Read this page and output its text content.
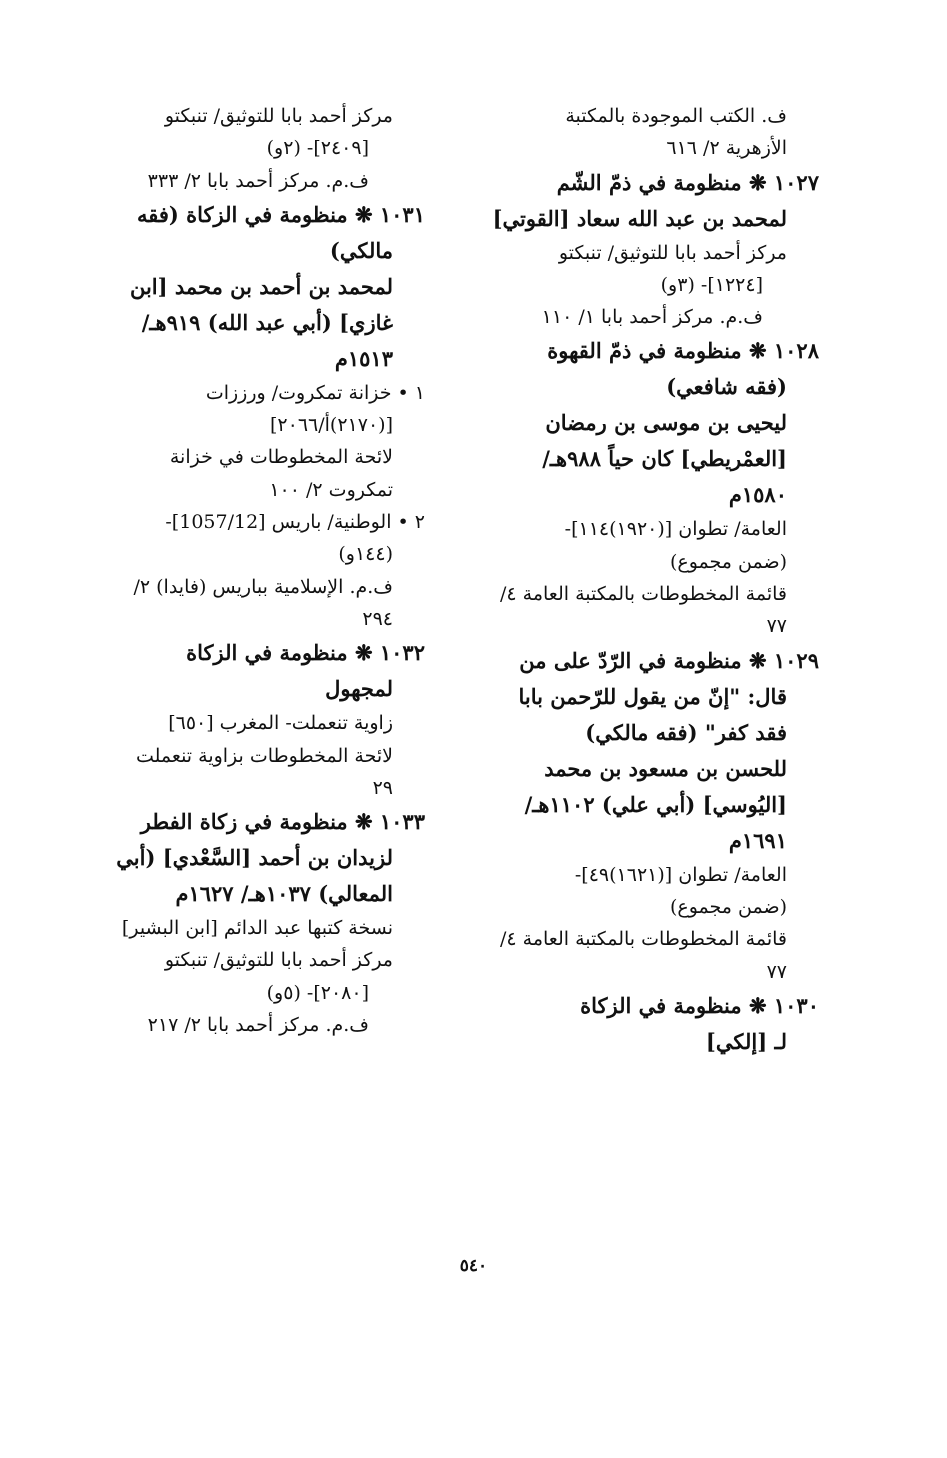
ف. الكتب الموجودة بالمكتبة
الأزهرية ٢/ ٦١٦
١٠٢٧ ❋ منظومة في ذمّ الشّم
لمحمد بن عبد الله سعاد [القوتي]
مركز أحمد بابا للتوثيق/ تنبكتو
[١٢٢٤]- (٣و)
ف.م. مركز أحمد بابا ١/ ١١٠
١٠٢٨ ❋ منظومة في ذمّ القهوة
(فقه شافعي)
ليحيى بن موسى بن رمضان
[العمْريطي] كان حياً ٩٨٨هـ/
١٥٨٠م
العامة/ تطوان [(١٩٢٠)١١٤]-
(ضمن مجموع)
قائمة المخطوطات بالمكتبة العامة ٤/
٧٧
١٠٢٩ ❋ منظومة في الرّدّ على من
قال: "إنّ من يقول للرّحمن بابا
فقد كفر" (فقه مالكي)
للحسن بن مسعود بن محمد
[اليُوسي] (أبي علي) ١١٠٢هـ/
١٦٩١م
العامة/ تطوان [(١٦٢١)٤٩]-
(ضمن مجموع)
قائمة المخطوطات بالمكتبة العامة ٤/
٧٧
١٠٣٠ ❋ منظومة في الزكاة
لـ [إلكي]
مركز أحمد بابا للتوثيق/ تنبكتو
[٢٤٠٩]- (٢و)
ف.م. مركز أحمد بابا ٢/ ٣٣٣
١٠٣١ ❋ منظومة في الزكاة (فقه
مالكي)
لمحمد بن أحمد بن محمد [ابن
غازي] (أبي عبد الله) ٩١٩هـ/
١٥١٣م
١ • خزانة تمكروت/ ورززات
[(٢١٧٠)أ/٢٠٦٦]
لائحة المخطوطات في خزانة
تمكروت ٢/ ١٠٠
٢ • الوطنية/ باريس [1057/12]-
(١٤٤و)
ف.م. الإسلامية بباريس (فايدا) ٢/
٢٩٤
١٠٣٢ ❋ منظومة في الزكاة
لمجهول
زاوية تنعملت- المغرب [٦٥٠]
لائحة المخطوطات بزاوية تنعملت
٢٩
١٠٣٣ ❋ منظومة في زكاة الفطر
لزيدان بن أحمد [السَّعْدي] (أبي
المعالي) ١٠٣٧هـ/ ١٦٢٧م
نسخة كتبها عبد الدائم [ابن البشير]
مركز أحمد بابا للتوثيق/ تنبكتو
[٢٠٨٠]- (٥و)
ف.م. مركز أحمد بابا ٢/ ٢١٧
٥٤٠
